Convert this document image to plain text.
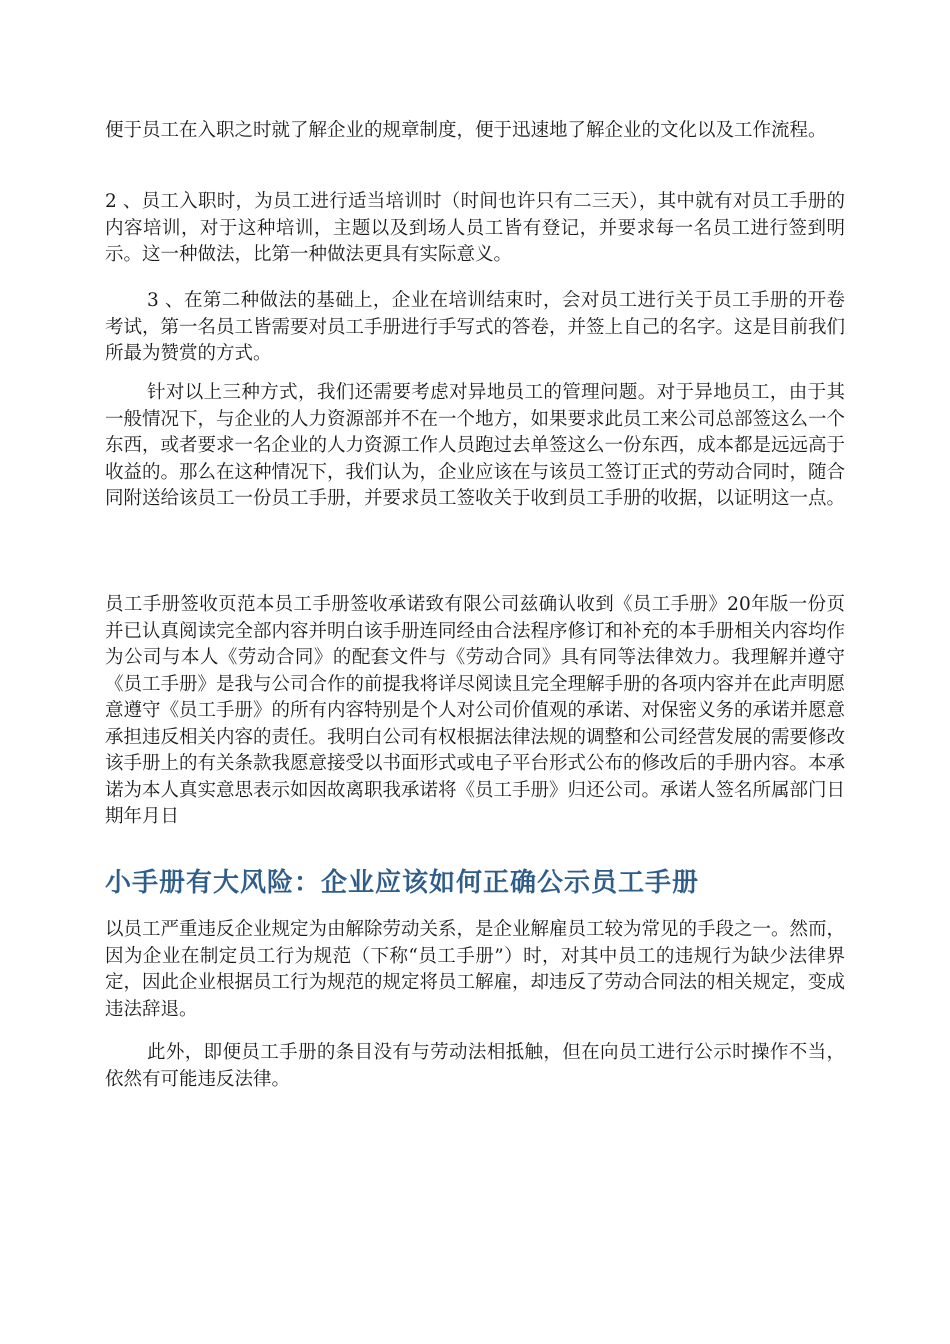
便于员工在入职之时就了解企业的规章制度，便于迅速地了解企业的文化以及工作流程。

2 、员工入职时，为员工进行适当培训时（时间也许只有二三天），其中就有对员工手册的内容培训，对于这种培训，主题以及到场人员工皆有登记，并要求每一名员工进行签到明示。这一种做法，比第一种做法更具有实际意义。

3 、在第二种做法的基础上，企业在培训结束时，会对员工进行关于员工手册的开卷考试，第一名员工皆需要对员工手册进行手写式的答卷，并签上自己的名字。这是目前我们所最为赞赏的方式。

针对以上三种方式，我们还需要考虑对异地员工的管理问题。对于异地员工，由于其一般情况下，与企业的人力资源部并不在一个地方，如果要求此员工来公司总部签这么一个东西，或者要求一名企业的人力资源工作人员跑过去单签这么一份东西，成本都是远远高于收益的。那么在这种情况下，我们认为，企业应该在与该员工签订正式的劳动合同时，随合同附送给该员工一份员工手册，并要求员工签收关于收到员工手册的收据，以证明这一点。

员工手册签收页范本员工手册签收承诺致有限公司兹确认收到《员工手册》20年版一份页并已认真阅读完全部内容并明白该手册连同经由合法程序修订和补充的本手册相关内容均作为公司与本人《劳动合同》的配套文件与《劳动合同》具有同等法律效力。我理解并遵守《员工手册》是我与公司合作的前提我将详尽阅读且完全理解手册的各项内容并在此声明愿意遵守《员工手册》的所有内容特别是个人对公司价值观的承诺、对保密义务的承诺并愿意承担违反相关内容的责任。我明白公司有权根据法律法规的调整和公司经营发展的需要修改该手册上的有关条款我愿意接受以书面形式或电子平台形式公布的修改后的手册内容。本承诺为本人真实意思表示如因故离职我承诺将《员工手册》归还公司。承诺人签名所属部门日期年月日

小手册有大风险：企业应该如何正确公示员工手册

以员工严重违反企业规定为由解除劳动关系，是企业解雇员工较为常见的手段之一。然而，因为企业在制定员工行为规范（下称“员工手册”）时，对其中员工的违规行为缺少法律界定，因此企业根据员工行为规范的规定将员工解雇，却违反了劳动合同法的相关规定，变成违法辞退。

此外，即便员工手册的条目没有与劳动法相抵触，但在向员工进行公示时操作不当，依然有可能违反法律。
